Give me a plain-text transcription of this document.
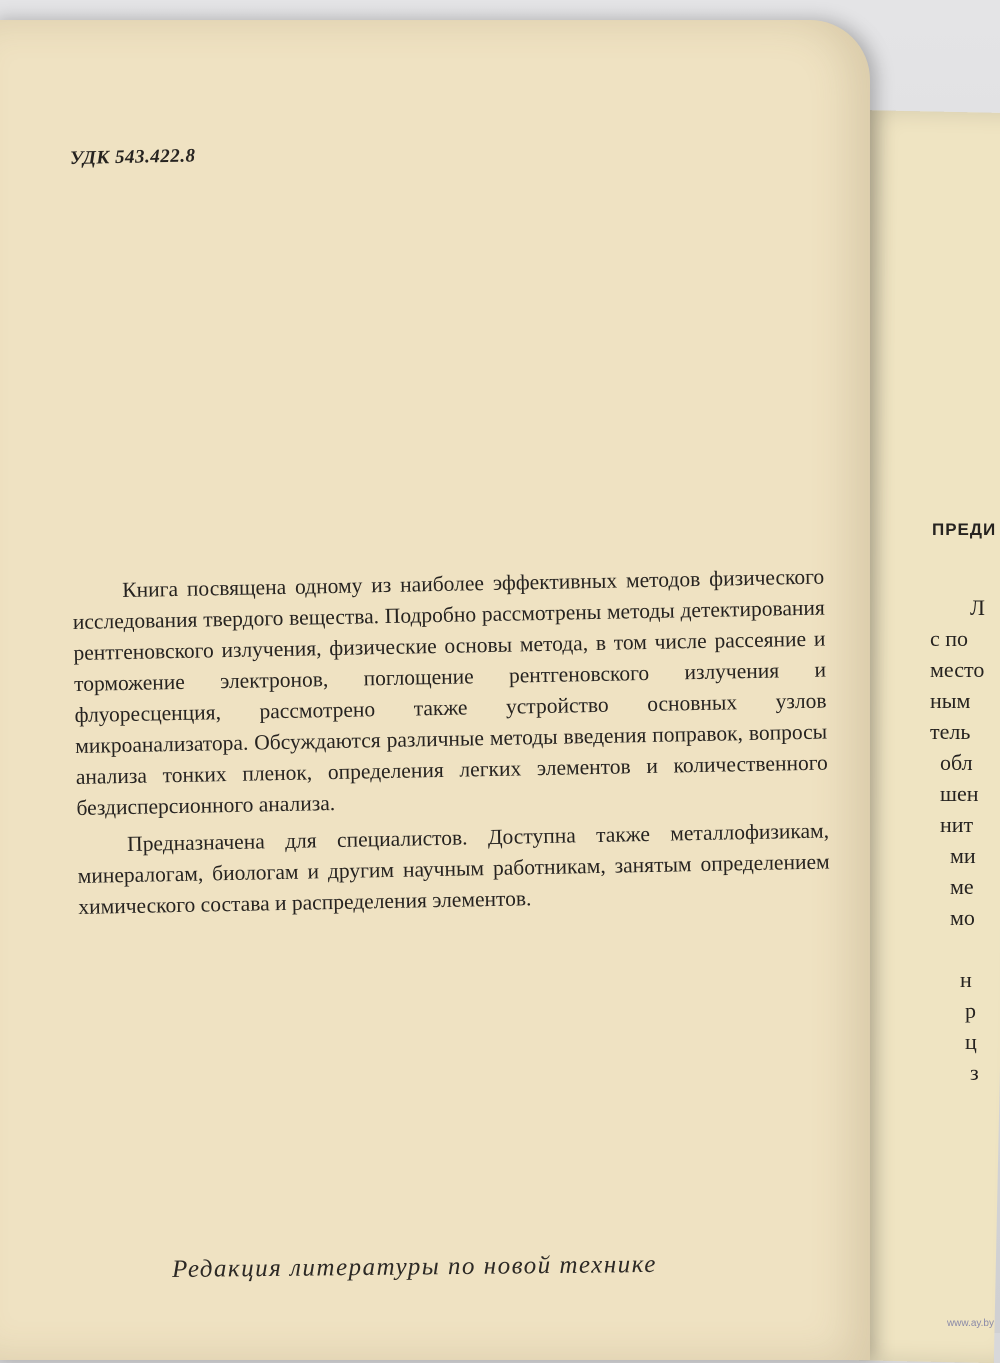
ПРЕДИ
Л
с по
место
ным
тель
обл
шен
нит
ми
ме
мо

н
р
ц
з
УДК 543.422.8

Книга посвящена одному из наиболее эффективных методов физического исследования твердого вещества. Подробно рассмотрены методы детектирования рентгеновского излучения, физические основы метода, в том числе рассеяние и торможение электронов, поглощение рентгеновского излучения и флуоресценция, рассмотрено также устройство основных узлов микроанализатора. Обсуждаются различные методы введения поправок, вопросы анализа тонких пленок, определения легких элементов и количественного бездисперсионного анализа.

Предназначена для специалистов. Доступна также металлофизикам, минералогам, биологам и другим научным работникам, занятым определением химического состава и распределения элементов.

Редакция литературы по новой технике
www.ay.by
